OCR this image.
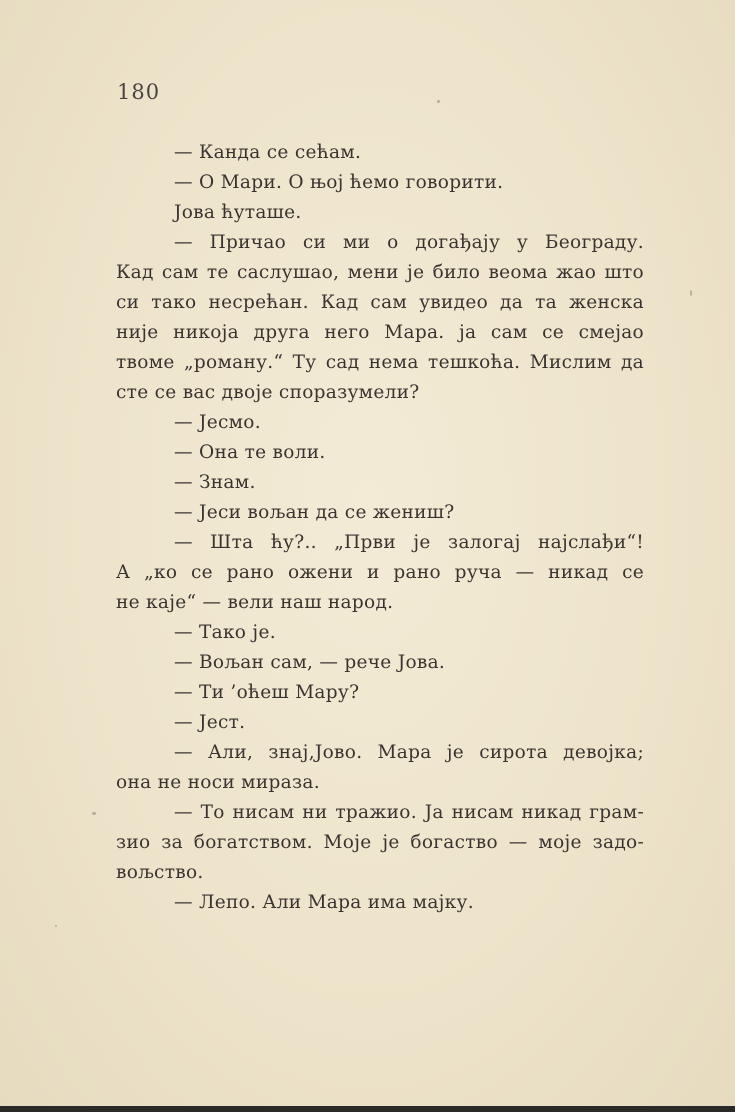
180
— Канда се сећам.
— О Мари. О њој ћемо говорити.
Јова ћуташе.
— Причао си ми о догађају у Београду.
Кад сам те саслушао, мени је било веома жао што
си тако несрећан. Кад сам увидео да та женска
није никоја друга него Мара. ја сам се смејао
твоме „роману.“ Ту сад нема тешкоћа. Мислим да
сте се вас двоје споразумели?
— Јесмо.
— Она те воли.
— Знам.
— Јеси вољан да се жениш?
— Шта ћу?.. „Први је залогај најслађи“!
А „ко се рано ожени и рано руча — никад се
не каје“ — вели наш народ.
— Тако је.
— Вољан сам, — рече Јова.
— Ти ’оћеш Мару?
— Јест.
— Али, знај,Јово. Мара је сирота девојка;
она не носи мираза.
— То нисам ни тражио. Ја нисам никад грам-
зио за богатством. Моје је богаство — моје задо-
вољство.
— Лепо. Али Мара има мајку.
